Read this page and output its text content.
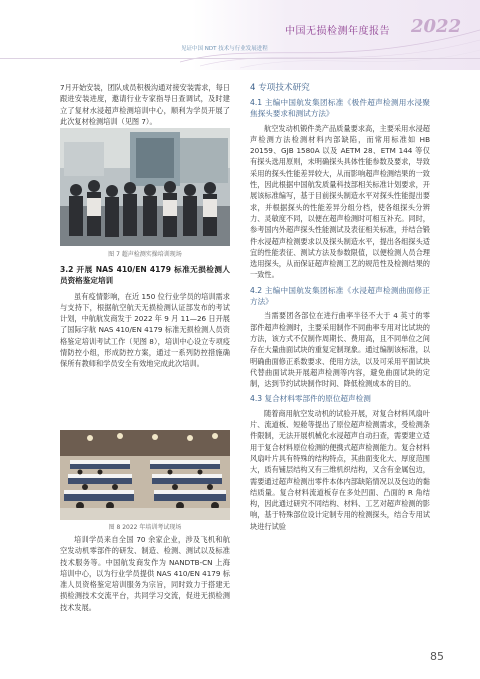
中国无损检测年度报告 2022
见证中国 NDT 技术与行业发展进程

7月开始安装，团队成员积极沟通对接安装需求，每日跟进安装进度，邀请行业专家指导日查调试，及时建立了复材水浸超声检测培训中心，顺利为学员开展了此次复材检测培训（见图 7）。

图 7 超声检测实操培训现场

3.2 开展 NAS 410/EN 4179 标准无损检测人员资格鉴定培训

虽有疫情影响，在近 150 位行业学员的培训需求与支持下，根据航空航天无损检测认证部发布的考试计划，中航航发商发于 2022 年 9 月 11—26 日开展了国际字航 NAS 410/EN 4179 标准无损检测人员资格鉴定培训考试工作（见图 8），培训中心设立专项疫情防控小组，形成防控方案，通过一系列防控措施确保所有教师和学员安全有效地完成此次培训。

图 8 2022 年培训考试现场

培训学员来自全国 70 余家企业，涉及飞机和航空发动机零部件的研发、制造、检测、测试以及标准技术服务等。中国航发商发作为 NANDTB-CN 上海培训中心，以为行业学员提供 NAS 410/EN 4179 标准人员资格鉴定培训服务为宗旨，同时致力于搭建无损检测技术交流平台，共同学习交流，促进无损检测技术发展。

4 专项技术研究

4.1 主编中国航发集团标准《极件超声检测用水浸聚焦探头要求和测试方法》

航空发动机锻件类产品质量要求高，主要采用水浸超声检测方法检测材料内部缺陷，而常用标准如 HB 20159、GJB 1580A 以及 AETM 28、ETM 144 等仅有探头选用原则，未明确探头具体性能参数及要求，导致采用的探头性能差异较大，从而影响超声检测结果的一致性，因此根据中国航发质量科技部相关标准计划要求，开展该标准编写，基于目前探头制造水平对探头性能提出要求，并根据探头的性能差异分组分档，使各组探头分辨力、灵敏度不同，以便在超声检测时可相互补充。同时，参考国内外超声探头性能测试及表征相关标准，并结合锻件水浸超声检测要求以及探头制造水平，提出各组探头适宜的性能表征、测试方法及参数限值，以便检测人员合理选用探头，从而保证超声检测工艺的规范性及检测结果的一致性。

4.2 主编中国航发集团标准《水浸超声检测曲面修正方法》

当需要团各部位在进行曲率半径不大于 4 英寸的零部件超声检测时，主要采用制作不同曲率专用对比试块的方法，该方式不仅制作周期长、费用高，且不同单位之间存在大量曲面试块的重复定制现象。通过编制该标准，以明确曲面修正系数要求、使用方法，以及可采用平面试块代替曲面试块开展超声检测等内容，避免曲面试块的定制，达到节约试块制作时间、降低检测成本的目的。

4.3 复合材料零部件的原位超声检测

随着商用航空发动机的试验开展，对复合材料风扇叶片、流道板、短舱等提出了原位超声检测需求，受检测条件限制，无法开展机械化水浸超声自动扫查，需要建立适用于复合材料原位检测的便携式超声检测能力。复合材料风扇叶片具有特殊的结构特点，其曲面变化大、厚度范围大，质有铺层结构又有三维机织结构，又含有金属包边，需要通过超声检测出零件本体内部缺陷情况以及包边的黏结质量。复合材料流道板存在多处凹面、凸面的 R 角结构，因此通过研究不同结构、材料、工艺对超声检测的影响，基于特殊部位设计定制专用的检测探头，结合专用试块进行试验

85
